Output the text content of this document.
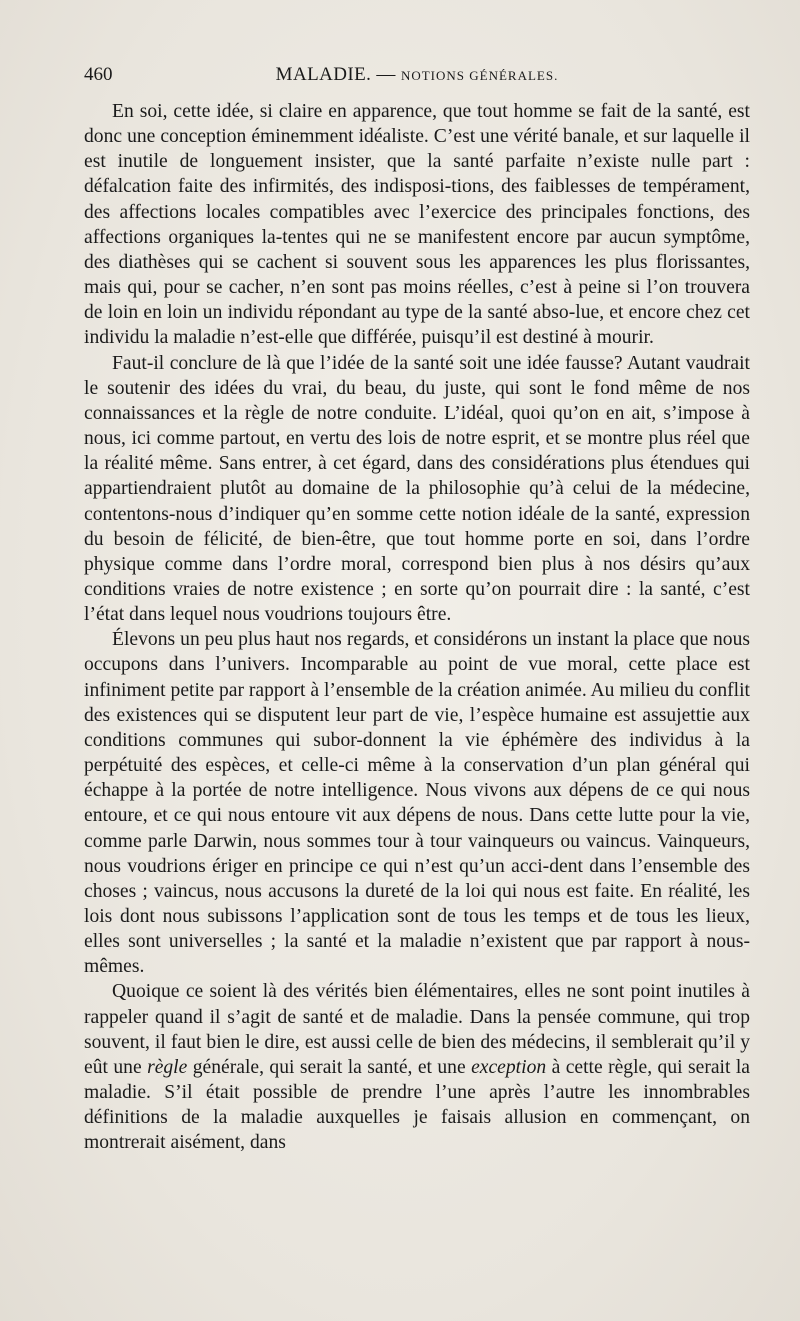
460	MALADIE. — NOTIONS GÉNÉRALES.

En soi, cette idée, si claire en apparence, que tout homme se fait de la santé, est donc une conception éminemment idéaliste. C’est une vérité banale, et sur laquelle il est inutile de longuement insister, que la santé parfaite n’existe nulle part : défalcation faite des infirmités, des indisposi-tions, des faiblesses de tempérament, des affections locales compatibles avec l’exercice des principales fonctions, des affections organiques la-tentes qui ne se manifestent encore par aucun symptôme, des diathèses qui se cachent si souvent sous les apparences les plus florissantes, mais qui, pour se cacher, n’en sont pas moins réelles, c’est à peine si l’on trouvera de loin en loin un individu répondant au type de la santé abso-lue, et encore chez cet individu la maladie n’est-elle que différée, puisqu’il est destiné à mourir.

Faut-il conclure de là que l’idée de la santé soit une idée fausse? Autant vaudrait le soutenir des idées du vrai, du beau, du juste, qui sont le fond même de nos connaissances et la règle de notre conduite. L’idéal, quoi qu’on en ait, s’impose à nous, ici comme partout, en vertu des lois de notre esprit, et se montre plus réel que la réalité même. Sans entrer, à cet égard, dans des considérations plus étendues qui appartiendraient plutôt au domaine de la philosophie qu’à celui de la médecine, contentons-nous d’indiquer qu’en somme cette notion idéale de la santé, expression du besoin de félicité, de bien-être, que tout homme porte en soi, dans l’ordre physique comme dans l’ordre moral, correspond bien plus à nos désirs qu’aux conditions vraies de notre existence ; en sorte qu’on pourrait dire : la santé, c’est l’état dans lequel nous voudrions toujours être.

Élevons un peu plus haut nos regards, et considérons un instant la place que nous occupons dans l’univers. Incomparable au point de vue moral, cette place est infiniment petite par rapport à l’ensemble de la création animée. Au milieu du conflit des existences qui se disputent leur part de vie, l’espèce humaine est assujettie aux conditions communes qui subor-donnent la vie éphémère des individus à la perpétuité des espèces, et celle-ci même à la conservation d’un plan général qui échappe à la portée de notre intelligence. Nous vivons aux dépens de ce qui nous entoure, et ce qui nous entoure vit aux dépens de nous. Dans cette lutte pour la vie, comme parle Darwin, nous sommes tour à tour vainqueurs ou vaincus. Vainqueurs, nous voudrions ériger en principe ce qui n’est qu’un acci-dent dans l’ensemble des choses ; vaincus, nous accusons la dureté de la loi qui nous est faite. En réalité, les lois dont nous subissons l’application sont de tous les temps et de tous les lieux, elles sont universelles ; la santé et la maladie n’existent que par rapport à nous-mêmes.

Quoique ce soient là des vérités bien élémentaires, elles ne sont point inutiles à rappeler quand il s’agit de santé et de maladie. Dans la pensée commune, qui trop souvent, il faut bien le dire, est aussi celle de bien des médecins, il semblerait qu’il y eût une règle générale, qui serait la santé, et une exception à cette règle, qui serait la maladie. S’il était possible de prendre l’une après l’autre les innombrables définitions de la maladie auxquelles je faisais allusion en commençant, on montrerait aisément, dans
